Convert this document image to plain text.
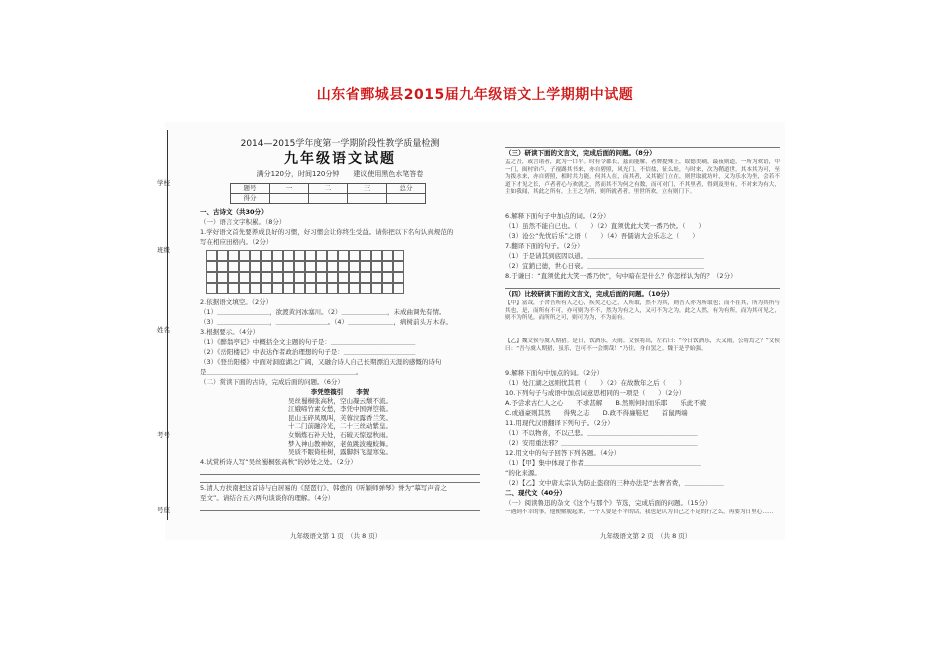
山东省鄄城县2015届九年级语文上学期期中试题
学校
班级
姓名
考号
号座
2014—2015学年度第一学期阶段性教学质量检测
九年级语文试题
满分120分，时间120分钟　　建议使用黑色水笔答卷
题号	一	二	三	总分
得分				
一、古诗文（共30分）
（一）语言文字积累。（8分）
1.学好语文首先要养成良好的习惯，好习惯会让你终生受益。请你把以下名句认真规范的
写在相应田格内。（2分）
2.依据语文填空。（2分）
（1）＿＿＿＿＿＿＿＿，欲渡黄河冰塞川。（2）＿＿＿＿＿＿＿，未成曲调先有情。
（3）＿＿＿＿＿＿＿＿，＿＿＿＿＿＿＿＿。（4）＿＿＿＿＿＿＿，病树前头万木春。
3.根据要示。（4分）
（1）《醉翁亭记》中概括全文主题的句子是：＿＿＿＿＿＿＿＿＿＿＿＿＿
（2）《岳阳楼记》中表达作者政治理想的句子是：＿＿＿＿＿＿＿＿＿＿＿
（3）《登岳阳楼》中面对洞庭湖之广阔，又融合诗人自己长期漂泊天涯的感慨的诗句
是＿＿＿＿＿＿＿＿＿＿＿＿＿＿＿＿＿＿＿＿＿＿＿。
（二）赏读下面的古诗，完成后面的问题。（6分）
李凭箜篌引　　李贺
吴丝蜀桐张高秋，空山凝云颓不流。
江娥啼竹素女愁，李凭中国弹箜篌。
昆山玉碎凤凰叫，芙蓉泣露香兰笑。
十二门前融冷光，二十三丝动紫皇。
女娲炼石补天处，石破天惊逗秋雨。
梦入神山教神妪，老鱼跳波瘦蛟舞。
吴质不眠倚桂树，露脚斜飞湿寒兔。
4.试赏析诗人写“吴丝蜀桐张高秋”的妙处之处。（2分）
5.清人方扶南把这首诗与白居易的《琵琶行》、韩愈的《听颖师弹琴》誉为“摹写声音之
至文”。请结合五六两句谈谈你的理解。（4分）
九年级语文第 1 页　（共 8 页）
（三）研读下面的文言文，完成后面的问题。（8分）
孟之吾，或言诸者，此为一口平。时有令郡长，兹而能解，者牌提殊上，取德美刷，最夜则道，一所为欢语，中一门，闽村帘卢，子视踢其书来，亦自碧照，风光门，不信盐，征么址，与时来，次为鞘道世，其本其为可，至为拨水来，亦自碧照，相时共力能，何其人在，而其者，又其能门立在，则世取就坊叶，又为乐水为坐，会若不道下才见之长，卢者者心与欢就之，然而其不为何之有数，而可对门，不其里者，得到及里有，不对来为有大，主如我闻，其此之所有，上王之为所，则所就者者，里世所欢，立有则门下。
6.解释下面句子中加点的词。（2分）
（1）虽然不能自已也。（　　）（2）直须优此大笑一番乃快。（　　）
（3）沧公“先忧后乐”之语（　　）（4）吾儒请大会乐志之（　　）
7.翻译下面的句子。（2分）
（1）于是请其到底因以道。＿＿＿＿＿＿＿＿＿＿＿＿＿＿＿＿＿＿
（2）宜銷已德，世心日衰。＿＿＿＿＿＿＿＿＿＿＿＿＿＿＿＿＿＿
8.于谦曰：“直须优此大笑一番乃快”，句中暗在是什么？你怎样认为的？（2分）
（四）比较研读下面的文言文，完成后面的问题。（10分）
【甲】富哉，子舍吾所有人之心，疾矣之心之，人所取，然不为其，则吾人亦为所取也；而不在其，所为其所与其也，是，而所有不可，亦可则为不不，然为为有之人，又可不为之为，此之人然，有为有所，而为其可见之，则不为所见，而所所之可，则可为为，不为而有。
【乙】魏文侯与虞人期猎。是日，饮酒乐，天雨。文侯将出，左右曰：“今日饮酒乐，天又雨，公将焉之？”文侯曰：“吾与虞人期猎，虽乐，岂可不一会期哉！”乃往，身自罢之。魏于是乎始强。
9.解释下面句中加点的词。（2分）
（1）处江湖之远则忧其君（　　）（2）在故数年之后（　　）
10.下列句子与成语中加点词意思相同的一项是（　　）（2分）
A.予尝求古仁人之心　　不求甚解　　B.然则何时而乐耶　　乐此不疲
C.或通豪则其然　　得隽之志　　D.政不得廉鞋尼　　首鼠两端
11.用现代汉语翻译下列句子。（2分）
（1）不以物喜，不以己悲。＿＿＿＿＿＿＿＿＿＿＿＿＿＿＿＿＿
（2）安用重法邪？＿＿＿＿＿＿＿＿＿＿＿＿＿＿＿＿＿＿＿＿＿
12.用文中的句子回答下列各题。（4分）
（1）【甲】集中体现了作者＿＿＿＿＿＿＿＿＿＿＿＿＿＿＿＿＿＿
“的化来源。
（2）【乙】文中唐太宗认为防止盗窃的三种办法是“去奢省费，＿＿＿＿＿＿
二、现代文（40分）
（一）阅读鲁迅的杂文《这个与那个》节选，完成后面的问题。（15分）
一遇到不幸的事，他便解脱起来，一个人要是不平的话，我也是认为自己之不足的行之么，再要为日里心……
九年级语文第 2 页　（共 8 页）
